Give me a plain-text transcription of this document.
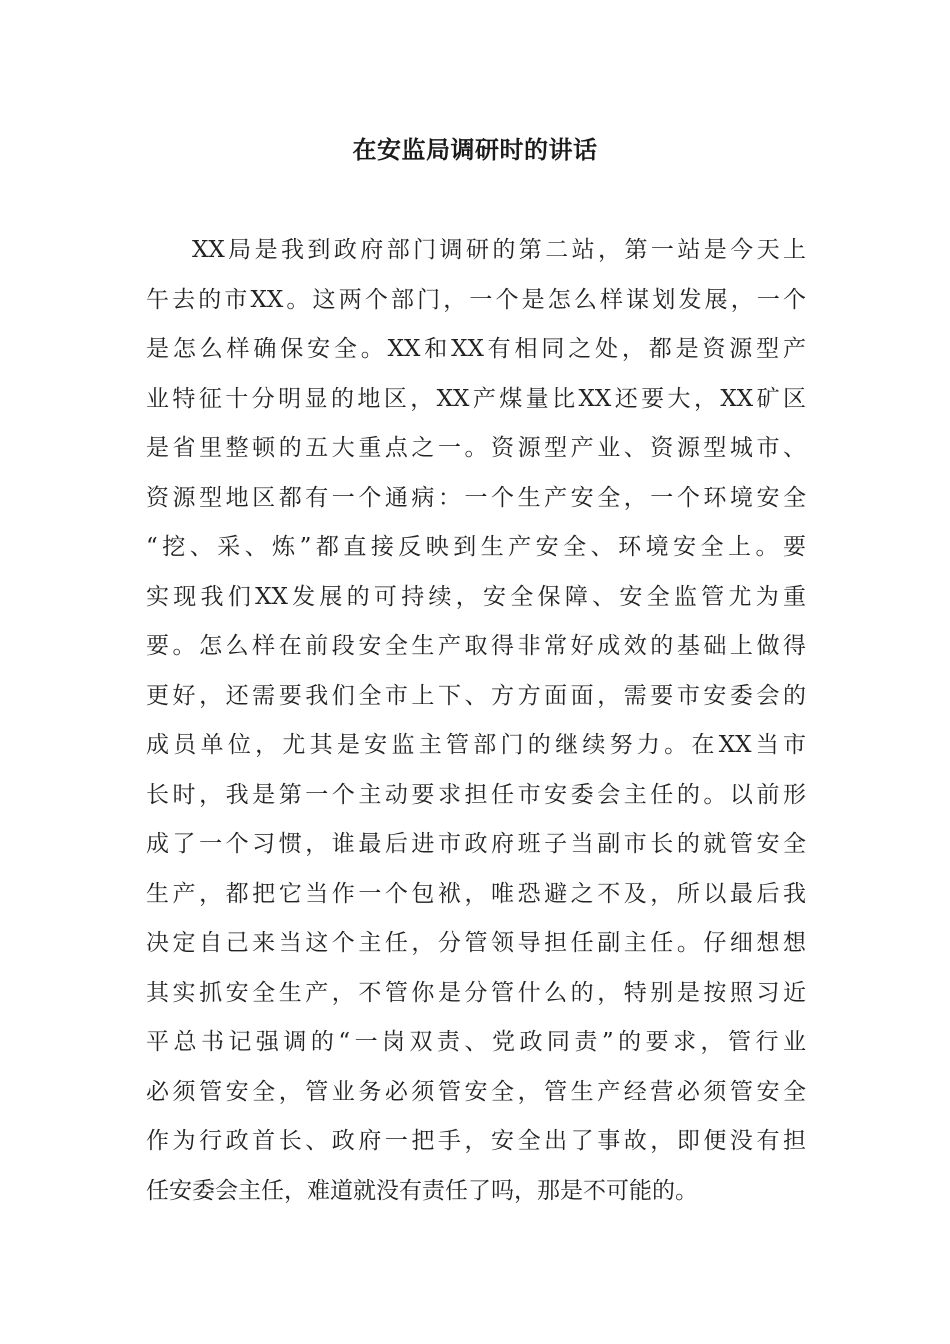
在安监局调研时的讲话
XX局是我到政府部门调研的第二站，第一站是今天上
午去的市XX。这两个部门，一个是怎么样谋划发展，一个
是怎么样确保安全。XX和XX有相同之处，都是资源型产
业特征十分明显的地区，XX产煤量比XX还要大，XX矿区
是省里整顿的五大重点之一。资源型产业、资源型城市、
资源型地区都有一个通病：一个生产安全，一个环境安全
“挖、采、炼”都直接反映到生产安全、环境安全上。要
实现我们XX发展的可持续，安全保障、安全监管尤为重
要。怎么样在前段安全生产取得非常好成效的基础上做得
更好，还需要我们全市上下、方方面面，需要市安委会的
成员单位，尤其是安监主管部门的继续努力。在XX当市
长时，我是第一个主动要求担任市安委会主任的。以前形
成了一个习惯，谁最后进市政府班子当副市长的就管安全
生产，都把它当作一个包袱，唯恐避之不及，所以最后我
决定自己来当这个主任，分管领导担任副主任。仔细想想
其实抓安全生产，不管你是分管什么的，特别是按照习近
平总书记强调的“一岗双责、党政同责”的要求，管行业
必须管安全，管业务必须管安全，管生产经营必须管安全
作为行政首长、政府一把手，安全出了事故，即便没有担
任安委会主任，难道就没有责任了吗，那是不可能的。
